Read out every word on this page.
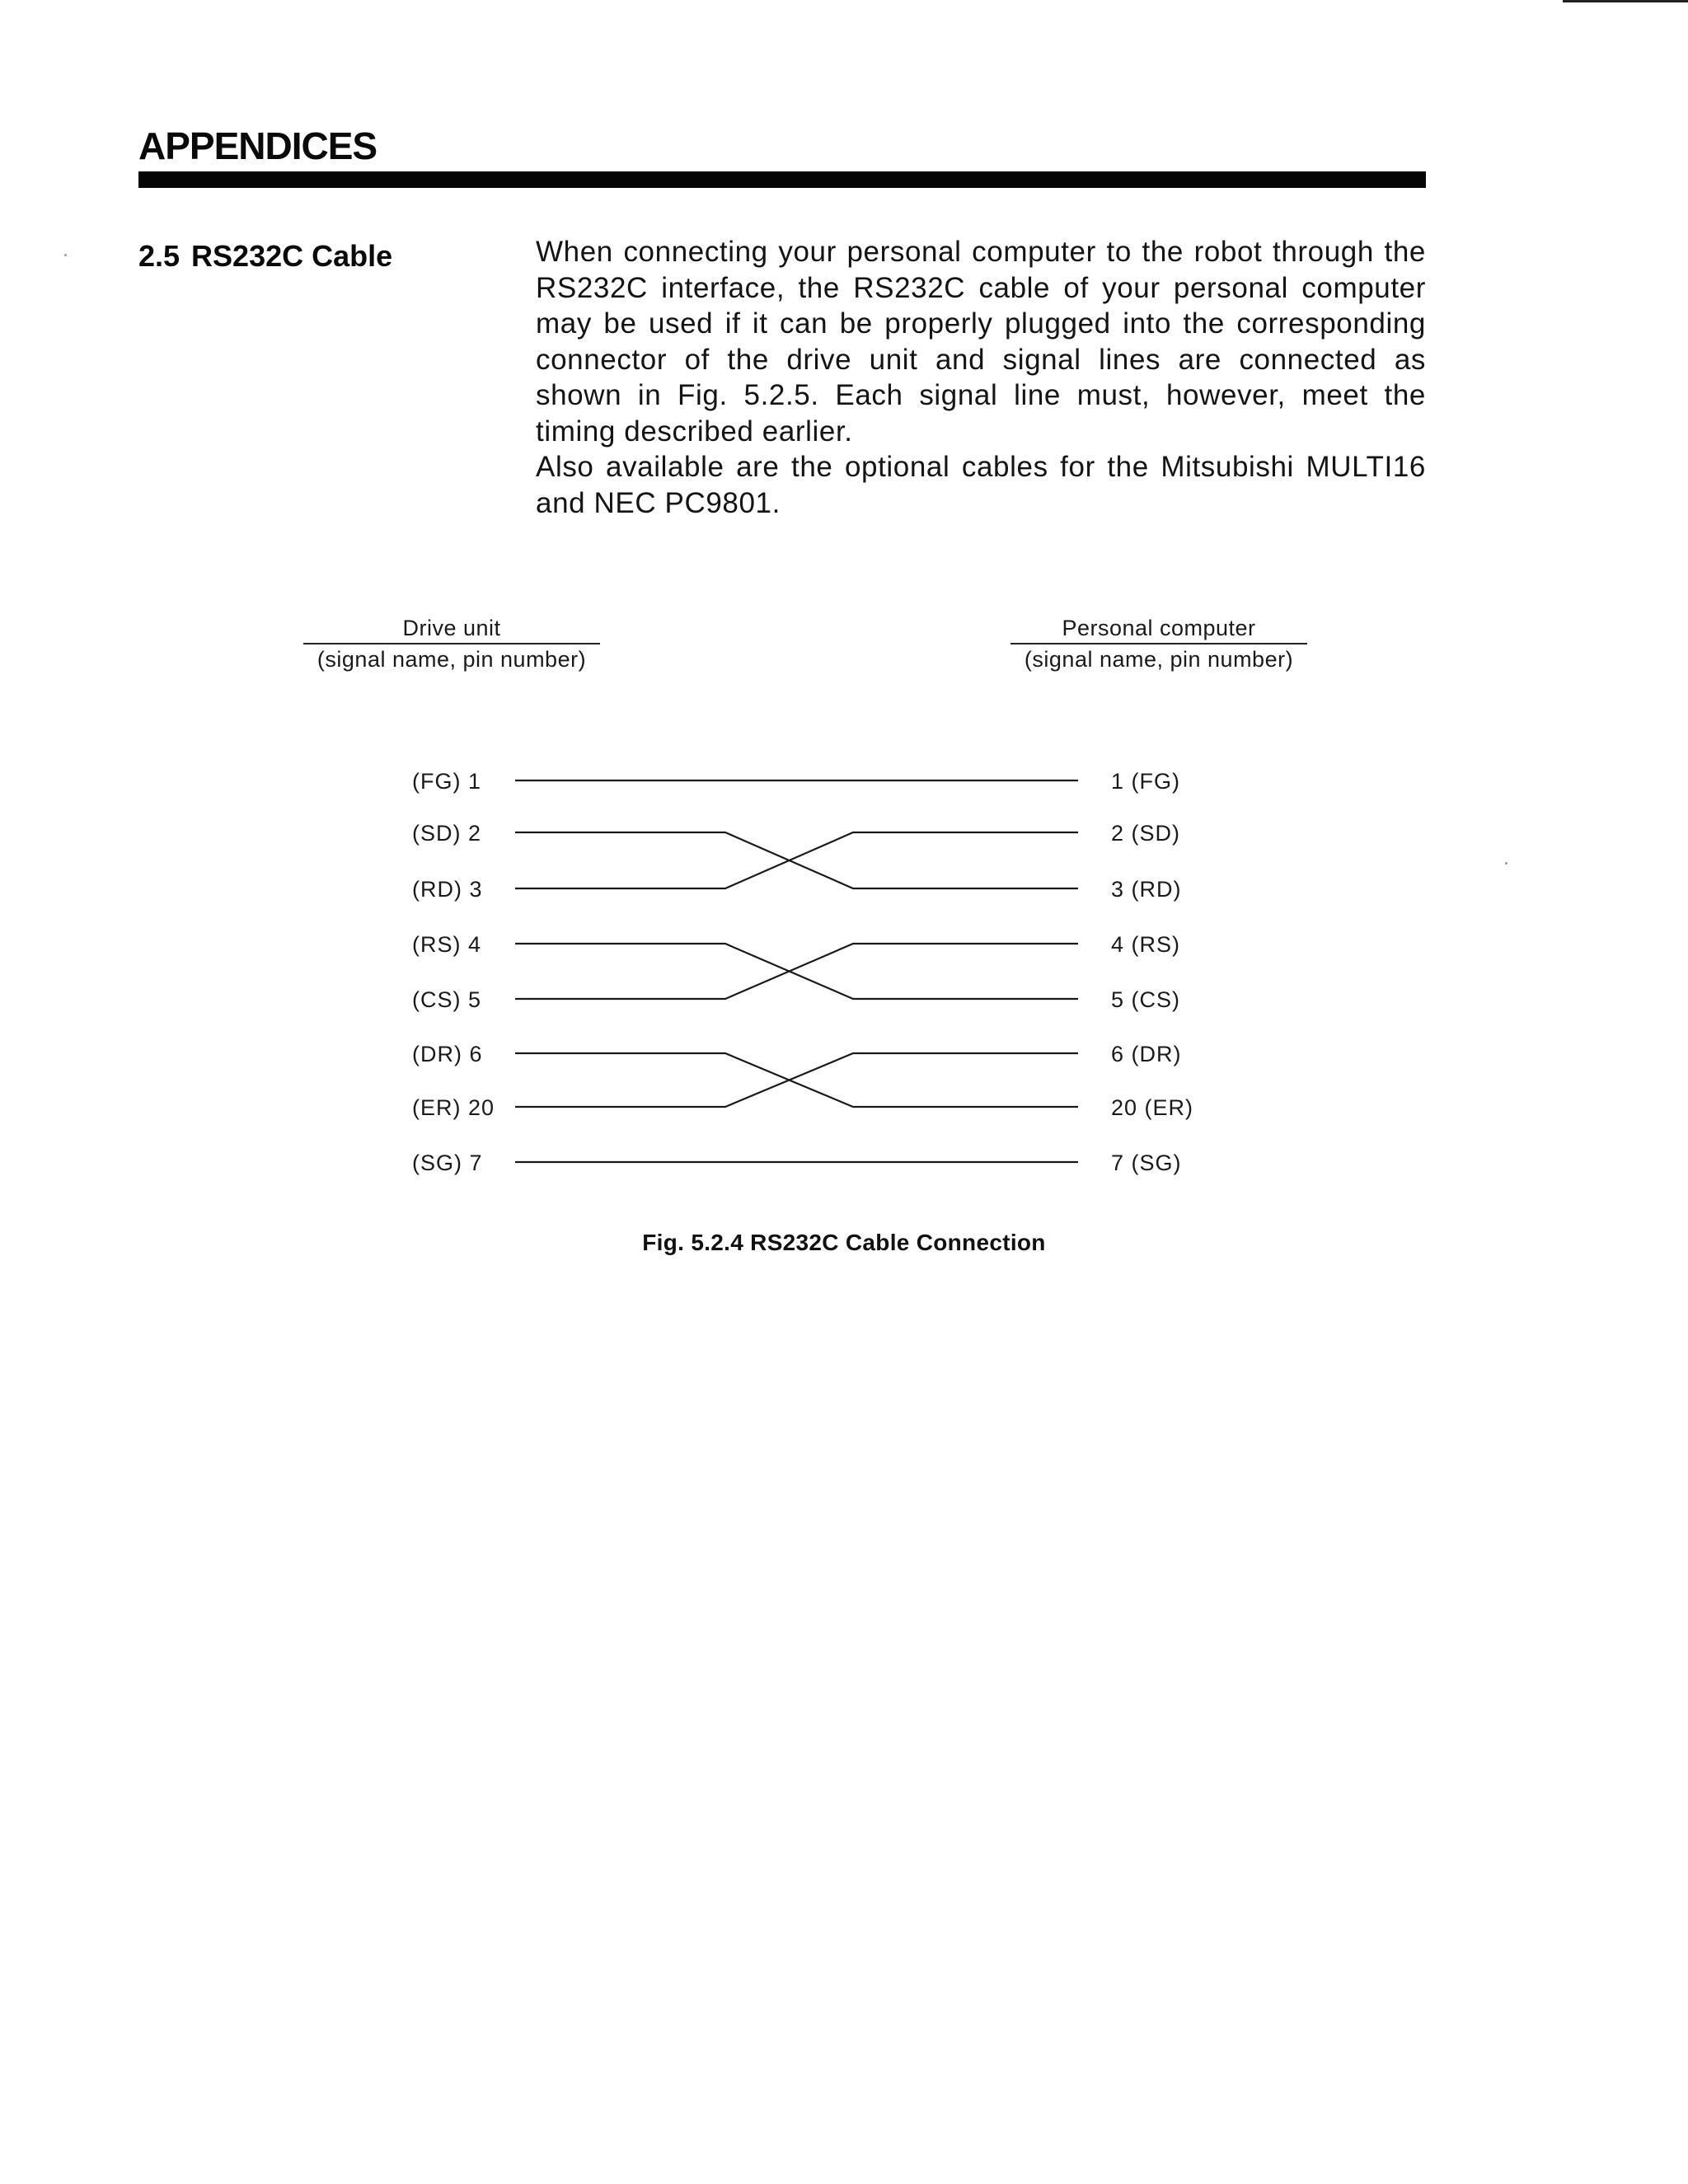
APPENDICES
2.5 RS232C Cable	When connecting your personal computer to the robot through the RS232C interface, the RS232C cable of your personal computer may be used if it can be properly plugged into the corresponding connector of the drive unit and signal lines are connected as shown in Fig. 5.2.5. Each signal line must, however, meet the timing described earlier.

Also available are the optional cables for the Mitsubishi MULTI16 and NEC PC9801.

Drive unit
(signal name, pin number)
Personal computer
(signal name, pin number)
(FG) 1	1 (FG)
(SD) 2	2 (SD)
(RD) 3	3 (RD)
(RS) 4	4 (RS)
(CS) 5	5 (CS)
(DR) 6	6 (DR)
(ER) 20	20 (ER)
(SG) 7	7 (SG)
Fig. 5.2.4 RS232C Cable Connection
